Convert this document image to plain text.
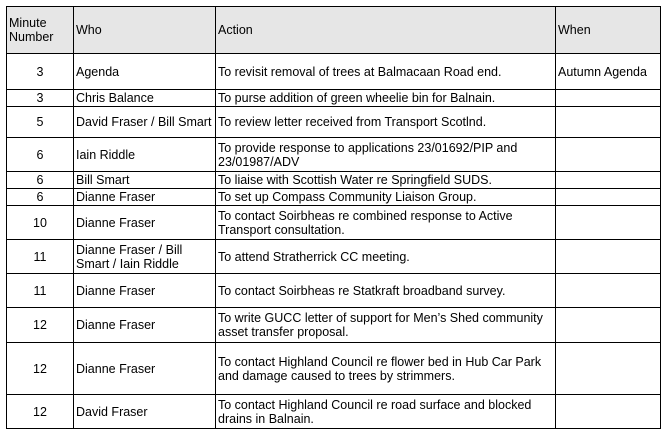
Minute Number	Who	Action	When
3	Agenda	To revisit removal of trees at Balmacaan Road end.	Autumn Agenda
3	Chris Balance	To purse addition of green wheelie bin for Balnain.	
5	David Fraser / Bill Smart	To review letter received from Transport Scotlnd.	
6	Iain Riddle	To provide response to applications 23/01692/PIP and 23/01987/ADV	
6	Bill Smart	To liaise with Scottish Water re Springfield SUDS.	
6	Dianne Fraser	To set up Compass Community Liaison Group.	
10	Dianne Fraser	To contact Soirbheas re combined response to Active Transport consultation.	
11	Dianne Fraser / Bill Smart / Iain Riddle	To attend Stratherrick CC meeting.	
11	Dianne Fraser	To contact Soirbheas re Statkraft broadband survey.	
12	Dianne Fraser	To write GUCC letter of support for Men’s Shed community asset transfer proposal.	
12	Dianne Fraser	To contact Highland Council re flower bed in Hub Car Park and damage caused to trees by strimmers.	
12	David Fraser	To contact Highland Council re road surface and blocked drains in Balnain.	
